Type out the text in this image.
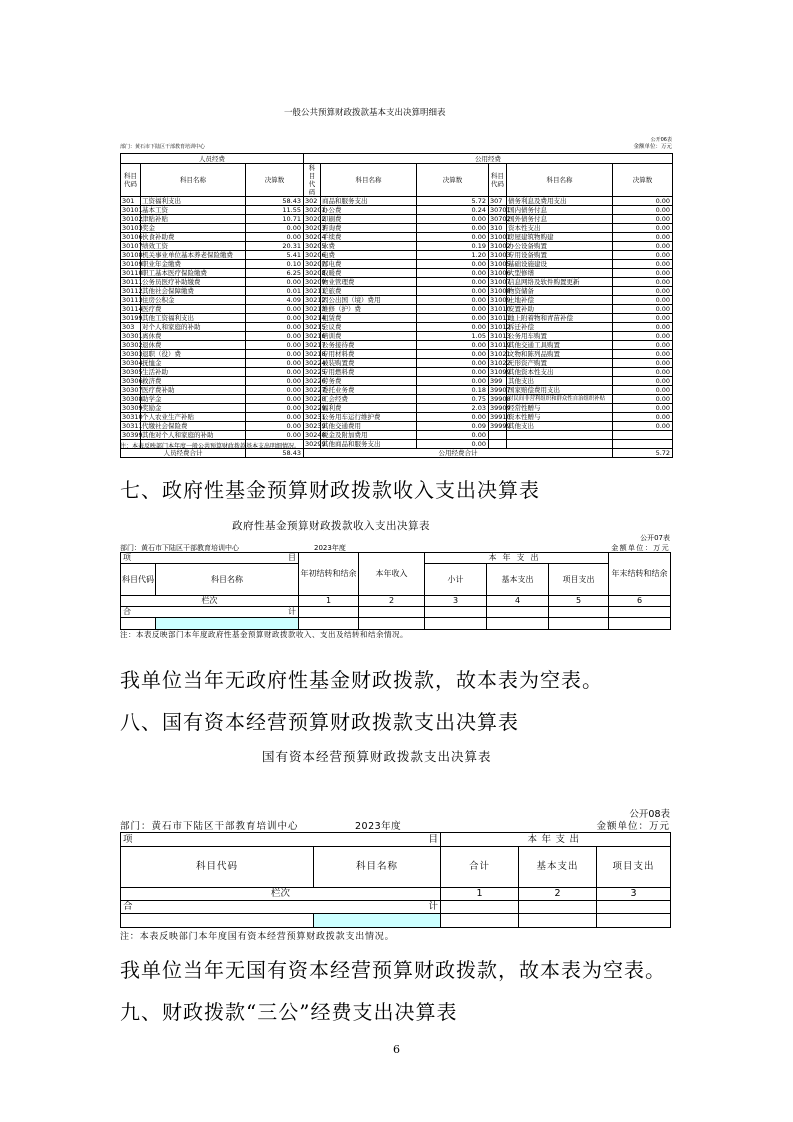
一般公共预算财政拨款基本支出决算明细表
公开06表
部门：黄石市下陆区干部教育培训中心	金额单位：万元
人员经费			公用经费					
科目代码	科目名称	决算数	科目代码	科目名称	决算数	科目代码	科目名称	决算数
301	工资福利支出	58.43	302	商品和服务支出	5.72	307	债务利息及费用支出	0.00
30101	基本工资	11.55	30201	办公费	0.24	30701	国内债务付息	0.00
30102	津贴补贴	10.71	30202	印刷费	0.00	30702	国外债务付息	0.00
30103	奖金	0.00	30203	咨询费	0.00	310	资本性支出	0.00
30106	伙食补助费	0.00	30204	手续费	0.00	31001	房屋建筑物购建	0.00
30107	绩效工资	20.31	30205	水费	0.19	31002	办公设备购置	0.00
30108	机关事业单位基本养老保险缴费	5.41	30206	电费	1.20	31003	专用设备购置	0.00
30109	职业年金缴费	0.10	30207	邮电费	0.00	31005	基础设施建设	0.00
30110	职工基本医疗保险缴费	6.25	30208	取暖费	0.00	31006	大型修缮	0.00
30111	公务员医疗补助缴费	0.00	30209	物业管理费	0.00	31007	信息网络及软件购置更新	0.00
30112	其他社会保障缴费	0.01	30211	差旅费	0.00	31008	物资储备	0.00
30113	住房公积金	4.09	30212	因公出国（境）费用	0.00	31009	土地补偿	0.00
30114	医疗费	0.00	30213	维修（护）费	0.00	31010	安置补助	0.00
30199	其他工资福利支出	0.00	30214	租赁费	0.00	31011	地上附着物和青苗补偿	0.00
303	对个人和家庭的补助	0.00	30215	会议费	0.00	31012	拆迁补偿	0.00
30301	离休费	0.00	30216	培训费	1.05	31013	公务用车购置	0.00
30302	退休费	0.00	30217	公务接待费	0.00	31019	其他交通工具购置	0.00
30303	退职（役）费	0.00	30218	专用材料费	0.00	31021	文物和陈列品购置	0.00
30304	抚恤金	0.00	30224	被装购置费	0.00	31022	无形资产购置	0.00
30305	生活补助	0.00	30225	专用燃料费	0.00	31099	其他资本性支出	0.00
30306	救济费	0.00	30226	劳务费	0.00	399	其他支出	0.00
30307	医疗费补助	0.00	30227	委托业务费	0.18	39907	国家赔偿费用支出	0.00
30308	助学金	0.00	30228	工会经费	0.75	39908	对民间非营利组织和群众性自治组织补贴	0.00
30309	奖励金	0.00	30229	福利费	2.03	39909	经常性赠与	0.00
30310	个人农业生产补贴	0.00	30231	公务用车运行维护费	0.00	39910	资本性赠与	0.00
30311	代缴社会保险费	0.00	30239	其他交通费用	0.09	39999	其他支出	0.00
30399	其他对个人和家庭的补助	0.00	30240	税金及附加费用	0.00			
			30299	其他商品和服务支出	0.00			
人员经费合计		58.43	公用经费合计					5.72
注：本表反映部门本年度一般公共预算财政拨款基本支出明细情况。
七、政府性基金预算财政拨款收入支出决算表
政府性基金预算财政拨款收入支出决算表
公开07表
部门：黄石市下陆区干部教育培训中心	2023年度	金额单位：万元
项 目		年初结转和结余	本年收入	本年支出			年末结转和结余
科目代码	科目名称			小计	基本支出	项目支出	
栏次		1	2	3	4	5	6

合 计							

注：本表反映部门本年度政府性基金预算财政拨款收入、支出及结转和结余情况。
我单位当年无政府性基金财政拨款，故本表为空表。
八、国有资本经营预算财政拨款支出决算表
国有资本经营预算财政拨款支出决算表
公开08表
部门：黄石市下陆区干部教育培训中心	2023年度	金额单位：万元
项 目		本年支出		
科目代码	科目名称	合计	基本支出	项目支出
栏次		1	2	3

合 计				

注：本表反映部门本年度国有资本经营预算财政拨款支出情况。
我单位当年无国有资本经营预算财政拨款，故本表为空表。
九、财政拨款“三公”经费支出决算表
6
